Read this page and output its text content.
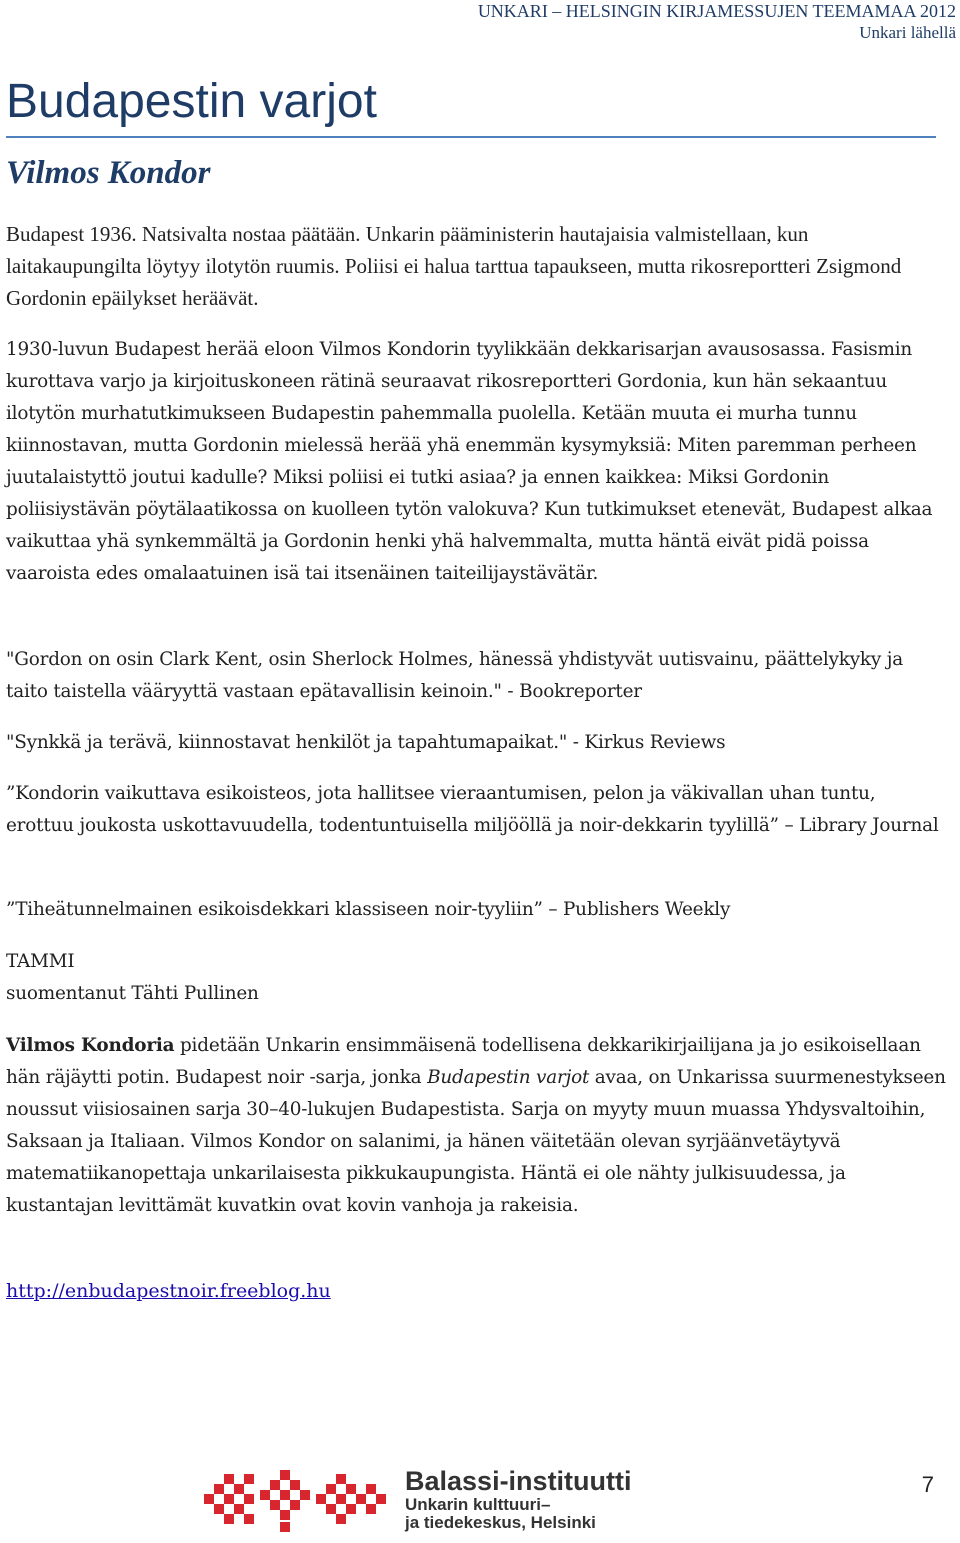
UNKARI – HELSINGIN KIRJAMESSUJEN TEEMAMAA 2012
Unkari lähellä
Budapestin varjot
Vilmos Kondor

Budapest 1936. Natsivalta nostaa päätään. Unkarin pääministerin hautajaisia valmistellaan, kun laitakaupungilta löytyy ilotytön ruumis. Poliisi ei halua tarttua tapaukseen, mutta rikosreportteri Zsigmond Gordonin epäilykset heräävät.

1930-luvun Budapest herää eloon Vilmos Kondorin tyylikkään dekkarisarjan avausosassa. Fasismin kurottava varjo ja kirjoituskoneen rätinä seuraavat rikosreportteri Gordonia, kun hän sekaantuu ilotytön murhatutkimukseen Budapestin pahemmalla puolella. Ketään muuta ei murha tunnu kiinnostavan, mutta Gordonin mielessä herää yhä enemmän kysymyksiä: Miten paremman perheen juutalaistyttö joutui kadulle? Miksi poliisi ei tutki asiaa? ja ennen kaikkea: Miksi Gordonin poliisiystävän pöytälaatikossa on kuolleen tytön valokuva? Kun tutkimukset etenevät, Budapest alkaa vaikuttaa yhä synkemmältä ja Gordonin henki yhä halvemmalta, mutta häntä eivät pidä poissa vaaroista edes omalaatuinen isä tai itsenäinen taiteilijaystävätär.

"Gordon on osin Clark Kent, osin Sherlock Holmes, hänessä yhdistyvät uutisvainu, päättelykyky ja taito taistella vääryyttä vastaan epätavallisin keinoin." - Bookreporter

"Synkkä ja terävä, kiinnostavat henkilöt ja tapahtumapaikat." - Kirkus Reviews

”Kondorin vaikuttava esikoisteos, jota hallitsee vieraantumisen, pelon ja väkivallan uhan tuntu, erottuu joukosta uskottavuudella, todentuntuisella miljööllä ja noir-dekkarin tyylillä” – Library Journal

”Tiheätunnelmainen esikoisdekkari klassiseen noir-tyyliin” – Publishers Weekly

TAMMI

suomentanut Tähti Pullinen

Vilmos Kondoria pidetään Unkarin ensimmäisenä todellisena dekkarikirjailijana ja jo esikoisellaan hän räjäytti potin. Budapest noir -sarja, jonka Budapestin varjot avaa, on Unkarissa suurmenestykseen noussut viisiosainen sarja 30–40-lukujen Budapestista. Sarja on myyty muun muassa Yhdysvaltoihin, Saksaan ja Italiaan. Vilmos Kondor on salanimi, ja hänen väitetään olevan syrjäänvetäytyvä matematiikanopettaja unkarilaisesta pikkukaupungista. Häntä ei ole nähty julkisuudessa, ja kustantajan levittämät kuvatkin ovat kovin vanhoja ja rakeisia.

http://enbudapestnoir.freeblog.hu
Balassi-instituutti
Unkarin kulttuuri–
ja tiedekeskus, Helsinki
7
